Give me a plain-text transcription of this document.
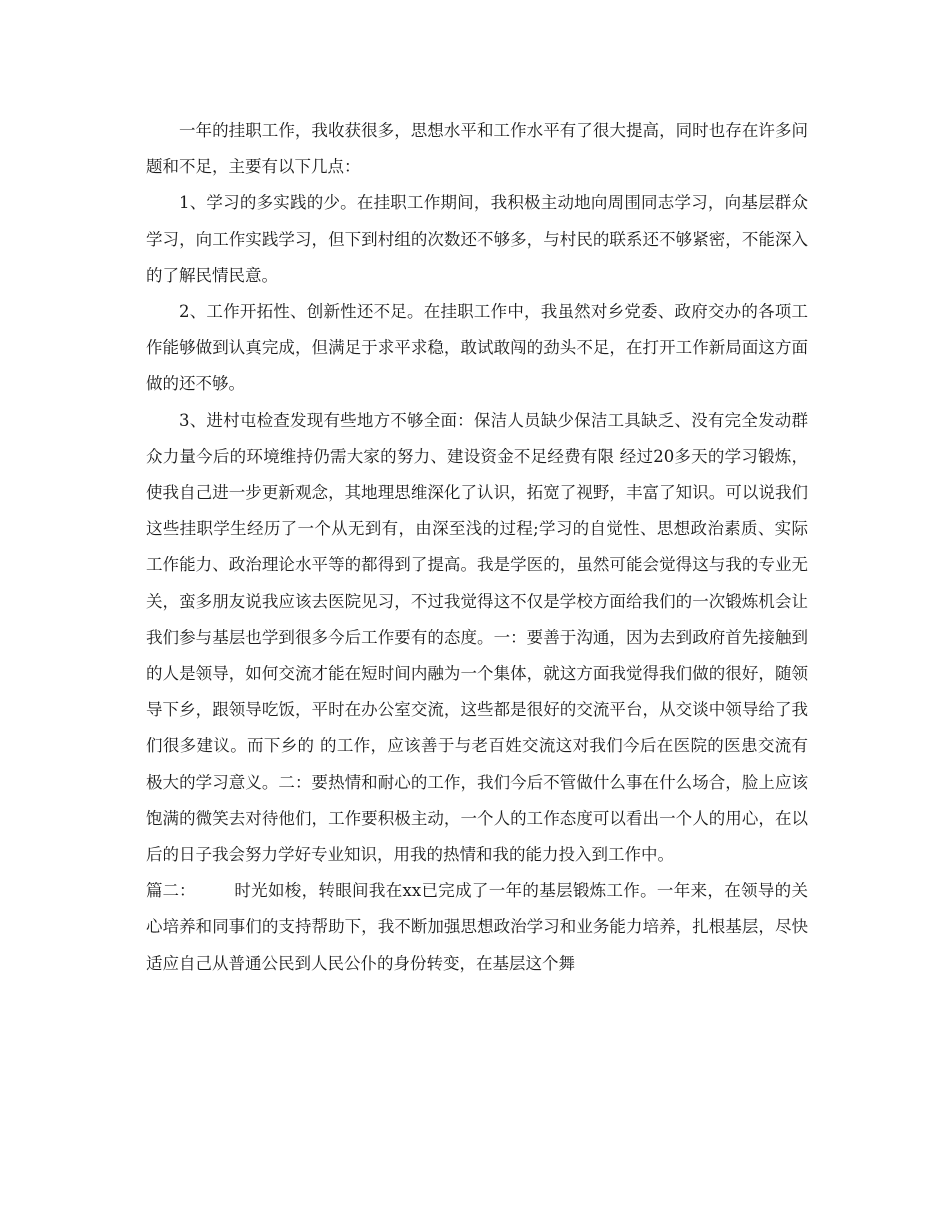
一年的挂职工作，我收获很多，思想水平和工作水平有了很大提高，同时也存在许多问题和不足，主要有以下几点：

1、学习的多实践的少。在挂职工作期间，我积极主动地向周围同志学习，向基层群众学习，向工作实践学习，但下到村组的次数还不够多，与村民的联系还不够紧密，不能深入的了解民情民意。

2、工作开拓性、创新性还不足。在挂职工作中，我虽然对乡党委、政府交办的各项工作能够做到认真完成，但满足于求平求稳，敢试敢闯的劲头不足，在打开工作新局面这方面做的还不够。

3、进村屯检查发现有些地方不够全面：保洁人员缺少保洁工具缺乏、没有完全发动群众力量今后的环境维持仍需大家的努力、建设资金不足经费有限 经过20多天的学习锻炼，使我自己进一步更新观念，其地理思维深化了认识，拓宽了视野，丰富了知识。可以说我们这些挂职学生经历了一个从无到有，由深至浅的过程;学习的自觉性、思想政治素质、实际工作能力、政治理论水平等的都得到了提高。我是学医的，虽然可能会觉得这与我的专业无关，蛮多朋友说我应该去医院见习，不过我觉得这不仅是学校方面给我们的一次锻炼机会让我们参与基层也学到很多今后工作要有的态度。一：要善于沟通，因为去到政府首先接触到的人是领导，如何交流才能在短时间内融为一个集体，就这方面我觉得我们做的很好，随领导下乡，跟领导吃饭，平时在办公室交流，这些都是很好的交流平台，从交谈中领导给了我们很多建议。而下乡的 的工作，应该善于与老百姓交流这对我们今后在医院的医患交流有极大的学习意义。二：要热情和耐心的工作，我们今后不管做什么事在什么场合，脸上应该饱满的微笑去对待他们，工作要积极主动，一个人的工作态度可以看出一个人的用心，在以后的日子我会努力学好专业知识，用我的热情和我的能力投入到工作中。

篇二： 时光如梭，转眼间我在xx已完成了一年的基层锻炼工作。一年来，在领导的关心培养和同事们的支持帮助下，我不断加强思想政治学习和业务能力培养，扎根基层，尽快适应自己从普通公民到人民公仆的身份转变，在基层这个舞
